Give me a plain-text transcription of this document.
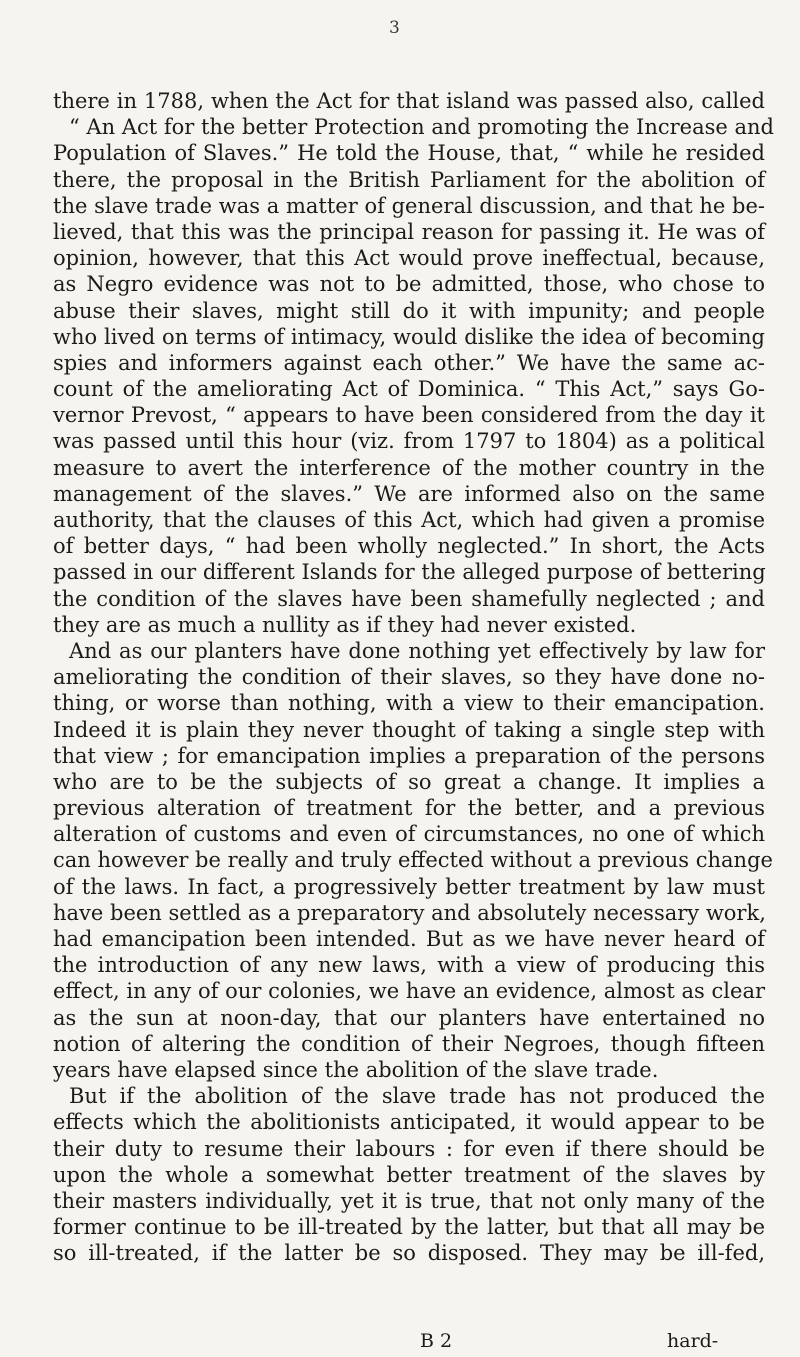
3
there in 1788, when the Act for that island was passed also, called
“ An Act for the better Protection and promoting the Increase and
Population of Slaves.” He told the House, that, “ while he resided
there, the proposal in the British Parliament for the abolition of
the slave trade was a matter of general discussion, and that he be-
lieved, that this was the principal reason for passing it. He was of
opinion, however, that this Act would prove ineffectual, because,
as Negro evidence was not to be admitted, those, who chose to
abuse their slaves, might still do it with impunity; and people
who lived on terms of intimacy, would dislike the idea of becoming
spies and informers against each other.” We have the same ac-
count of the ameliorating Act of Dominica. “ This Act,” says Go-
vernor Prevost, “ appears to have been considered from the day it
was passed until this hour (viz. from 1797 to 1804) as a political
measure to avert the interference of the mother country in the
management of the slaves.” We are informed also on the same
authority, that the clauses of this Act, which had given a promise
of better days, “ had been wholly neglected.” In short, the Acts
passed in our different Islands for the alleged purpose of bettering
the condition of the slaves have been shamefully neglected ; and
they are as much a nullity as if they had never existed.
And as our planters have done nothing yet effectively by law for
ameliorating the condition of their slaves, so they have done no-
thing, or worse than nothing, with a view to their emancipation.
Indeed it is plain they never thought of taking a single step with
that view ; for emancipation implies a preparation of the persons
who are to be the subjects of so great a change. It implies a
previous alteration of treatment for the better, and a previous
alteration of customs and even of circumstances, no one of which
can however be really and truly effected without a previous change
of the laws. In fact, a progressively better treatment by law must
have been settled as a preparatory and absolutely necessary work,
had emancipation been intended. But as we have never heard of
the introduction of any new laws, with a view of producing this
effect, in any of our colonies, we have an evidence, almost as clear
as the sun at noon-day, that our planters have entertained no
notion of altering the condition of their Negroes, though fifteen
years have elapsed since the abolition of the slave trade.
But if the abolition of the slave trade has not produced the
effects which the abolitionists anticipated, it would appear to be
their duty to resume their labours : for even if there should be
upon the whole a somewhat better treatment of the slaves by
their masters individually, yet it is true, that not only many of the
former continue to be ill-treated by the latter, but that all may be
so ill-treated, if the latter be so disposed. They may be ill-fed,
B 2	hard-
